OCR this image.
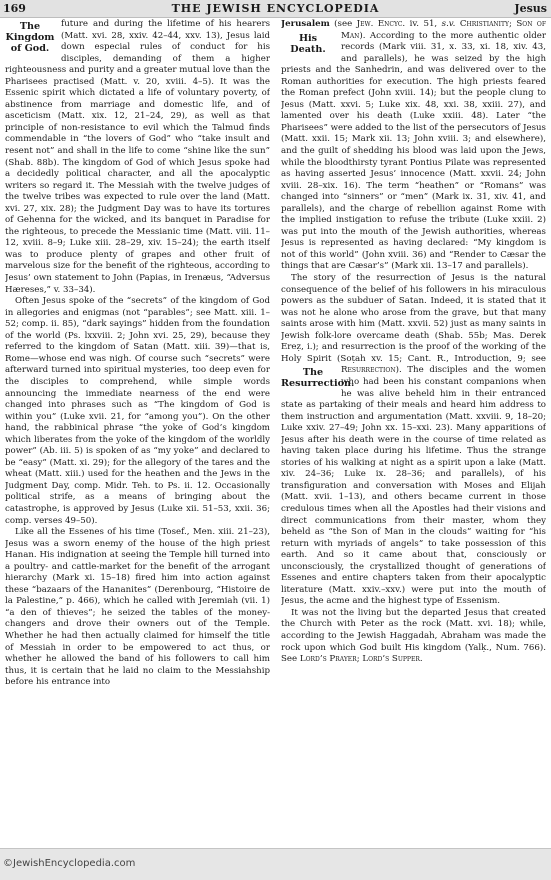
169	THE JEWISH ENCYCLOPEDIA	Jesus

The Kingdom of God.
future and during the lifetime of his hearers (Matt. xvi. 28, xxiv. 42–44, xxv. 13), Jesus laid down especial rules of conduct for his disciples, demanding of them a higher righteousness and purity and a greater mutual love than the Pharisees practised (Matt. v. 20, xviii. 4–5). It was the Essenic spirit which dictated a life of voluntary poverty, of abstinence from marriage and domestic life, and of asceticism (Matt. xix. 12, 21–24, 29), as well as that principle of non-resistance to evil which the Talmud finds commendable in “the lovers of God” who “take insult and resent not” and shall in the life to come “shine like the sun” (Shab. 88b). The kingdom of God of which Jesus spoke had a decidedly political character, and all the apocalyptic writers so regard it. The Messiah with the twelve judges of the twelve tribes was expected to rule over the land (Matt. xvi. 27, xix. 28); the Judgment Day was to have its tortures of Gehenna for the wicked, and its banquet in Paradise for the righteous, to precede the Messianic time (Matt. viii. 11–12, xviii. 8–9; Luke xiii. 28–29, xiv. 15–24); the earth itself was to produce plenty of grapes and other fruit of marvelous size for the benefit of the righteous, according to Jesus’ own statement to John (Papias, in Irenæus, “Adversus Hæreses,” v. 33–34).

Often Jesus spoke of the “secrets” of the kingdom of God in allegories and enigmas (not “parables”; see Matt. xiii. 1–52; comp. ii. 85), “dark sayings” hidden from the foundation of the world (Ps. lxxviii. 2; John xvi. 25, 29), because they referred to the kingdom of Satan (Matt. xiii. 39)—that is, Rome—whose end was nigh. Of course such “secrets” were afterward turned into spiritual mysteries, too deep even for the disciples to comprehend, while simple words announcing the immediate nearness of the end were changed into phrases such as “The kingdom of God is within you” (Luke xvii. 21, for “among you”). On the other hand, the rabbinical phrase “the yoke of God’s kingdom which liberates from the yoke of the kingdom of the worldly power” (Ab. iii. 5) is spoken of as “my yoke” and declared to be “easy” (Matt. xi. 29); for the allegory of the tares and the wheat (Matt. xiii.) used for the heathen and the Jews in the Judgment Day, comp. Midr. Teh. to Ps. ii. 12. Occasionally political strife, as a means of bringing about the catastrophe, is approved by Jesus (Luke xii. 51–53, xxii. 36; comp. verses 49–50).

Like all the Essenes of his time (Tosef., Men. xiii. 21–23), Jesus was a sworn enemy of the house of the high priest Hanan. His indignation at seeing the Temple hill turned into a poultry- and cattle-market for the benefit of the arrogant hierarchy (Mark xi. 15–18) fired him into action against these “bazaars of the Hananites” (Derenbourg, “Histoire de la Palestine,” p. 466), which he called with Jeremiah (vii. 1) “a den of thieves”; he seized the tables of the money-changers and drove their owners out of the Temple. Whether he had then actually claimed for himself the title of Messiah in order to be empowered to act thus, or whether he allowed the band of his followers to call him thus, it is certain that he laid no claim to the Messiahship before his entrance into

Jerusalem (see Jew. Encyc. iv. 51, s.v. Christianity; Son of Man
His Death.
). According to the more authentic older records (Mark viii. 31, x. 33, xi. 18, xiv. 43, and parallels), he was seized by the high priests and the Sanhedrin, and was delivered over to the Roman authorities for execution. The high priests feared the Roman prefect (John xviii. 14); but the people clung to Jesus (Matt. xxvi. 5; Luke xix. 48, xxi. 38, xxiii. 27), and lamented over his death (Luke xxiii. 48). Later “the Pharisees” were added to the list of the persecutors of Jesus (Matt. xxii. 15; Mark xii. 13; John xviii. 3; and elsewhere), and the guilt of shedding his blood was laid upon the Jews, while the bloodthirsty tyrant Pontius Pilate was represented as having asserted Jesus’ innocence (Matt. xxvii. 24; John xviii. 28–xix. 16). The term “heathen” or “Romans” was changed into “sinners” or “men” (Mark ix. 31, xiv. 41, and parallels), and the charge of rebellion against Rome with the implied instigation to refuse the tribute (Luke xxiii. 2) was put into the mouth of the Jewish authorities, whereas Jesus is represented as having declared: “My kingdom is not of this world” (John xviii. 36) and “Render to Cæsar the things that are Cæsar’s” (Mark xii. 13–17 and parallels).

The story of the resurrection of Jesus is the natural consequence of the belief of his followers in his miraculous powers as the subduer of Satan. Indeed, it is stated that it was not he alone who arose from the grave, but that many saints arose with him (Matt. xxvii. 52) just as many saints in Jewish folk-lore overcame death (Shab. 55b; Mas. Derek Ereẓ, i.); and resurrection is the proof of the working of the Holy Spirit (Soṭah xv. 15; Cant. R., Introduction, 9; see Resurrection
The Resurrection.
). The disciples and the women who had been his constant companions when he was alive beheld him in their entranced state as partaking of their meals and heard him address to them instruction and argumentation (Matt. xxviii. 9, 18–20; Luke xxiv. 27–49; John xx. 15–xxi. 23). Many apparitions of Jesus after his death were in the course of time related as having taken place during his lifetime. Thus the strange stories of his walking at night as a spirit upon a lake (Matt. xiv. 24–36; Luke ix. 28–36; and parallels), of his transfiguration and conversation with Moses and Elijah (Matt. xvii. 1–13), and others became current in those credulous times when all the Apostles had their visions and direct communications from their master, whom they beheld as “the Son of Man in the clouds” waiting for “his return with myriads of angels” to take possession of this earth. And so it came about that, consciously or unconsciously, the crystallized thought of generations of Essenes and entire chapters taken from their apocalyptic literature (Matt. xxiv.–xxv.) were put into the mouth of Jesus, the acme and the highest type of Essenism.

It was not the living but the departed Jesus that created the Church with Peter as the rock (Matt. xvi. 18); while, according to the Jewish Haggadah, Abraham was made the rock upon which God built His kingdom (Yalḳ., Num. 766). See Lord’s Prayer; Lord’s Supper.

©JewishEncyclopedia.com
